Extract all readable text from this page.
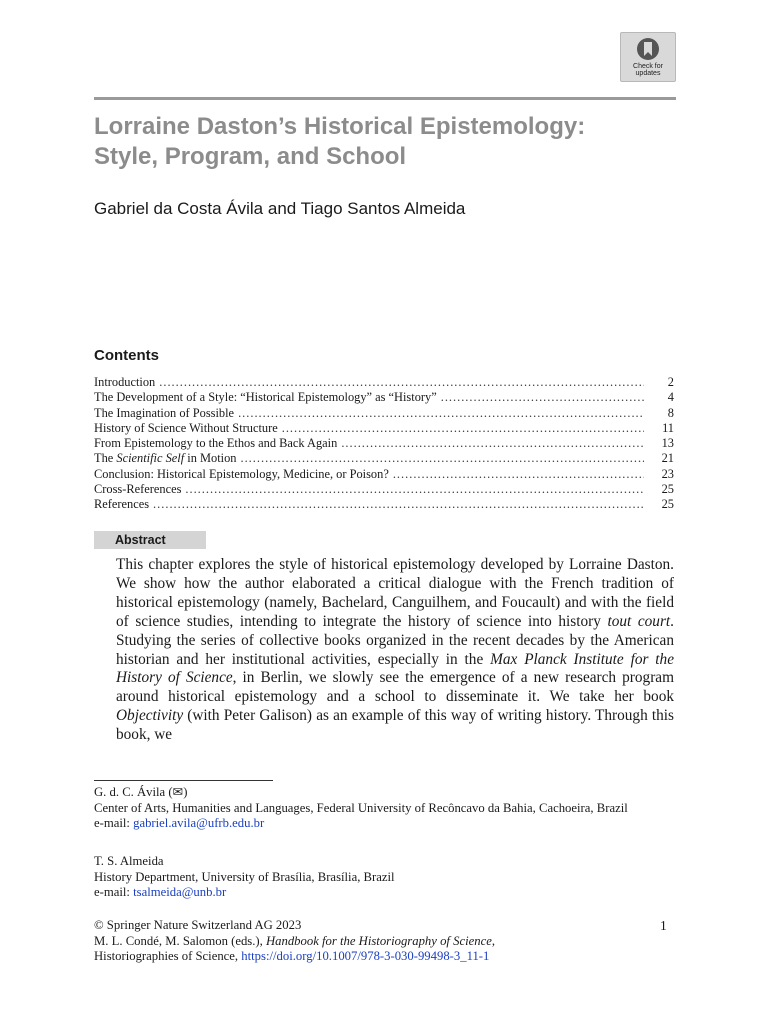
Check for
updates
Lorraine Daston’s Historical Epistemology:
Style, Program, and School
Gabriel da Costa Ávila and Tiago Santos Almeida
Contents
Introduction .....	2
The Development of a Style: “Historical Epistemology” as “History” .....	4
The Imagination of Possible .....	8
History of Science Without Structure .....	11
From Epistemology to the Ethos and Back Again .....	13
The Scientific Self in Motion .....	21
Conclusion: Historical Epistemology, Medicine, or Poison? .....	23
Cross-References .....	25
References .....	25
Abstract
This chapter explores the style of historical epistemology developed by Lorraine Daston. We show how the author elaborated a critical dialogue with the French tradition of historical epistemology (namely, Bachelard, Canguilhem, and Foucault) and with the field of science studies, intending to integrate the history of science into history tout court. Studying the series of collective books organized in the recent decades by the American historian and her institutional activities, especially in the Max Planck Institute for the History of Science, in Berlin, we slowly see the emergence of a new research program around historical epistemology and a school to disseminate it. We take her book Objectivity (with Peter Galison) as an example of this way of writing history. Through this book, we
G. d. C. Ávila (✉)
Center of Arts, Humanities and Languages, Federal University of Recôncavo da Bahia, Cachoeira, Brazil
e-mail: gabriel.avila@ufrb.edu.br
T. S. Almeida
History Department, University of Brasília, Brasília, Brazil
e-mail: tsalmeida@unb.br
© Springer Nature Switzerland AG 2023
M. L. Condé, M. Salomon (eds.), Handbook for the Historiography of Science,
Historiographies of Science, https://doi.org/10.1007/978-3-030-99498-3_11-1
1
